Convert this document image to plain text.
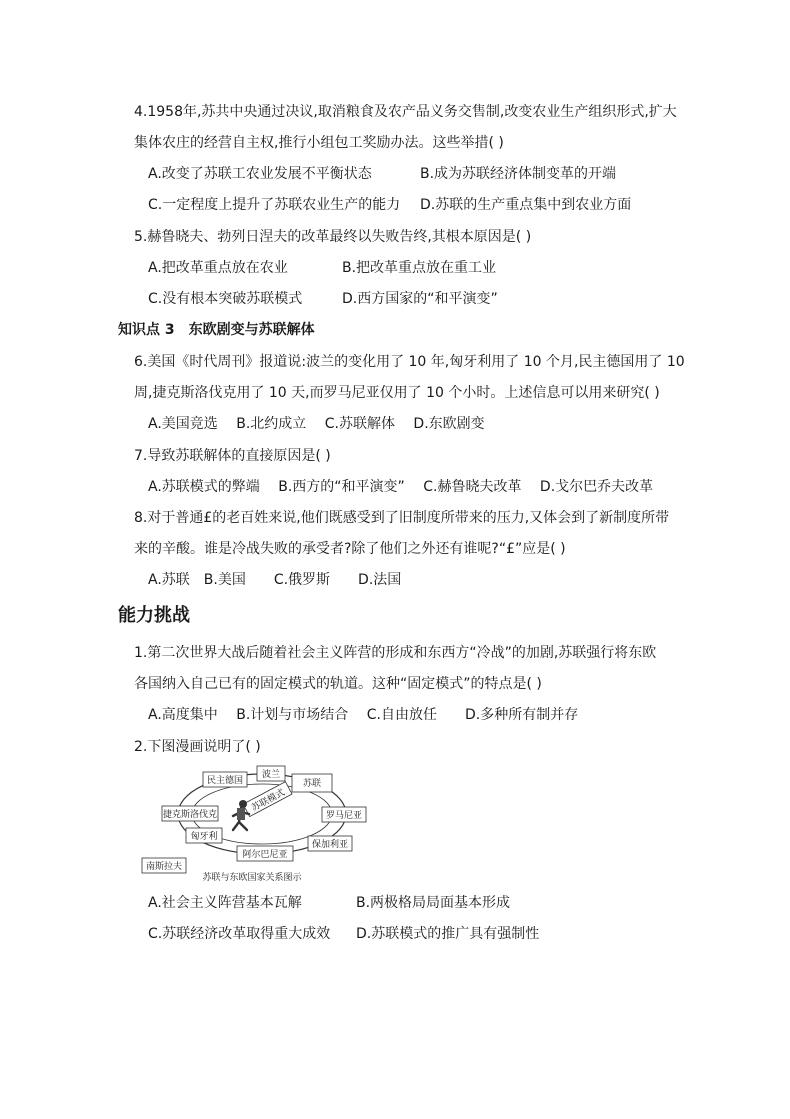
4.1958年,苏共中央通过决议,取消粮食及农产品义务交售制,改变农业生产组织形式,扩大
集体农庄的经营自主权,推行小组包工奖励办法。这些举措( )
A.改变了苏联工农业发展不平衡状态	B.成为苏联经济体制变革的开端
C.一定程度上提升了苏联农业生产的能力 D.苏联的生产重点集中到农业方面
5.赫鲁晓夫、勃列日涅夫的改革最终以失败告终,其根本原因是( )
A.把改革重点放在农业	B.把改革重点放在重工业
C.没有根本突破苏联模式	D.西方国家的“和平演变”
知识点 3　东欧剧变与苏联解体
6.美国《时代周刊》报道说:波兰的变化用了 10 年,匈牙利用了 10 个月,民主德国用了 10
周,捷克斯洛伐克用了 10 天,而罗马尼亚仅用了 10 个小时。上述信息可以用来研究( )
A.美国竞选　 B.北约成立　 C.苏联解体　 D.东欧剧变
7.导致苏联解体的直接原因是( )
A.苏联模式的弊端　 B.西方的“和平演变”　 C.赫鲁晓夫改革　 D.戈尔巴乔夫改革
8.对于普通£的老百姓来说,他们既感受到了旧制度所带来的压力,又体会到了新制度所带
来的辛酸。谁是冷战失败的承受者?除了他们之外还有谁呢?“£”应是( )
A.苏联　B.美国　　C.俄罗斯　　D.法国
能力挑战
1.第二次世界大战后随着社会主义阵营的形成和东西方“冷战”的加剧,苏联强行将东欧
各国纳入自己已有的固定模式的轨道。这种“固定模式”的特点是( )
A.高度集中　 B.计划与市场结合　 C.自由放任　　D.多种所有制并存
2.下图漫画说明了( )
苏联模式
民主德国
波兰
苏联
捷克斯洛伐克	罗马尼亚
匈牙利
保加利亚
阿尔巴尼亚
南斯拉夫
苏联与东欧国家关系图示
A.社会主义阵营基本瓦解	B.两极格局局面基本形成
C.苏联经济改革取得重大成效 D.苏联模式的推广具有强制性
